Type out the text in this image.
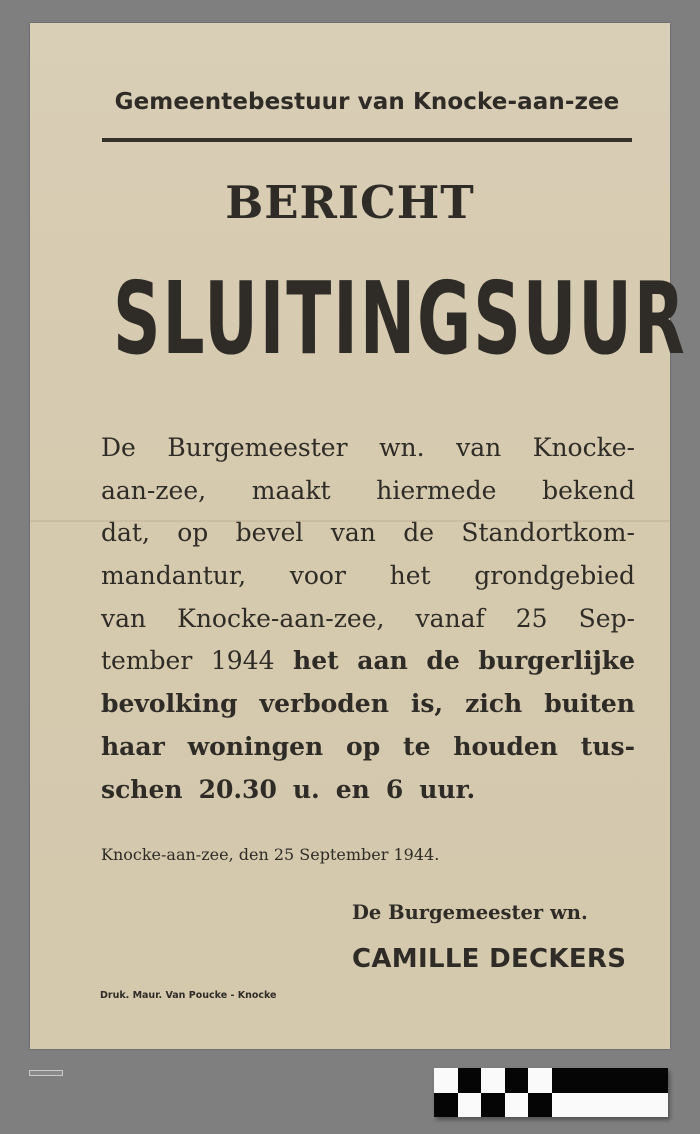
Gemeentebestuur van Knocke-aan-zee
BERICHT
SLUITINGSUUR
De Burgemeester wn. van Knocke-
aan-zee, maakt hiermede bekend
dat, op bevel van de Standortkom-
mandantur, voor het grondgebied
van Knocke-aan-zee, vanaf 25 Sep-
tember 1944 het aan de burgerlijke
bevolking verboden is, zich buiten
haar woningen op te houden tus-
schen 20.30 u. en 6 uur.
Knocke-aan-zee, den 25 September 1944.
De Burgemeester wn.
CAMILLE DECKERS
Druk. Maur. Van Poucke - Knocke
